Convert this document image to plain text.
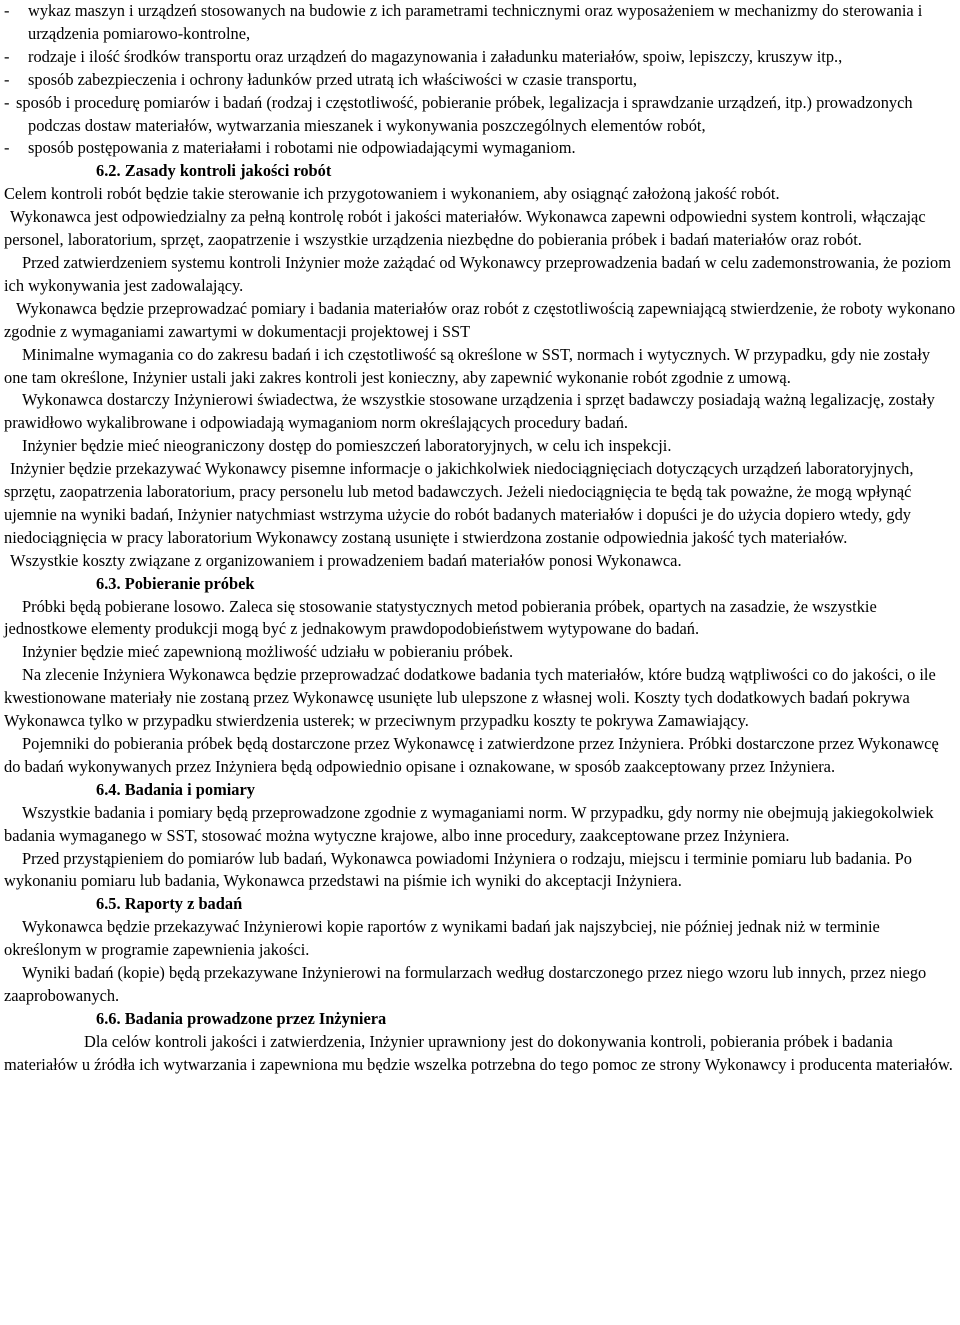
- wykaz maszyn i urządzeń stosowanych na budowie z ich parametrami technicznymi oraz wyposażeniem w mechanizmy do sterowania i urządzenia pomiarowo-kontrolne,

- rodzaje i ilość środków transportu oraz urządzeń do magazynowania i załadunku materiałów, spoiw, lepiszczy, kruszyw itp.,

- sposób zabezpieczenia i ochrony ładunków przed utratą ich właściwości w czasie transportu,

- sposób i procedurę pomiarów i badań (rodzaj i częstotliwość, pobieranie próbek, legalizacja i sprawdzanie urządzeń, itp.) prowadzonych podczas dostaw materiałów, wytwarzania mieszanek i wykonywania poszczególnych elementów robót,

- sposób postępowania z materiałami i robotami nie odpowiadającymi wymaganiom.

6.2. Zasady kontroli jakości robót

Celem kontroli robót będzie takie sterowanie ich przygotowaniem i wykonaniem, aby osiągnąć założoną jakość robót.

Wykonawca jest odpowiedzialny za pełną kontrolę robót i jakości materiałów. Wykonawca zapewni odpowiedni system kontroli, włączając personel, laboratorium, sprzęt, zaopatrzenie i wszystkie urządzenia niezbędne do pobierania próbek i badań materiałów oraz robót.

Przed zatwierdzeniem systemu kontroli Inżynier może zażądać od Wykonawcy przeprowadzenia badań w celu zademonstrowania, że poziom ich wykonywania jest zadowalający.

Wykonawca będzie przeprowadzać pomiary i badania materiałów oraz robót z częstotliwością zapewniającą stwierdzenie, że roboty wykonano zgodnie z wymaganiami zawartymi w dokumentacji projektowej i SST

Minimalne wymagania co do zakresu badań i ich częstotliwość są określone w SST, normach i wytycznych. W przypadku, gdy nie zostały one tam określone, Inżynier ustali jaki zakres kontroli jest konieczny, aby zapewnić wykonanie robót zgodnie z umową.

Wykonawca dostarczy Inżynierowi świadectwa, że wszystkie stosowane urządzenia i sprzęt badawczy posiadają ważną legalizację, zostały prawidłowo wykalibrowane i odpowiadają wymaganiom norm określających procedury badań.

Inżynier będzie mieć nieograniczony dostęp do pomieszczeń laboratoryjnych, w celu ich inspekcji.

Inżynier będzie przekazywać Wykonawcy pisemne informacje o jakichkolwiek niedociągnięciach dotyczących urządzeń laboratoryjnych, sprzętu, zaopatrzenia laboratorium, pracy personelu lub metod badawczych. Jeżeli niedociągnięcia te będą tak poważne, że mogą wpłynąć ujemnie na wyniki badań, Inżynier natychmiast wstrzyma użycie do robót badanych materiałów i dopuści je do użycia dopiero wtedy, gdy niedociągnięcia w pracy laboratorium Wykonawcy zostaną usunięte i stwierdzona zostanie odpowiednia jakość tych materiałów.

Wszystkie koszty związane z organizowaniem i prowadzeniem badań materiałów ponosi Wykonawca.

6.3. Pobieranie próbek

Próbki będą pobierane losowo. Zaleca się stosowanie statystycznych metod pobierania próbek, opartych na zasadzie, że wszystkie jednostkowe elementy produkcji mogą być z jednakowym prawdopodobieństwem wytypowane do badań.

Inżynier będzie mieć zapewnioną możliwość udziału w pobieraniu próbek.

Na zlecenie Inżyniera Wykonawca będzie przeprowadzać dodatkowe badania tych materiałów, które budzą wątpliwości co do jakości, o ile kwestionowane materiały nie zostaną przez Wykonawcę usunięte lub ulepszone z własnej woli. Koszty tych dodatkowych badań pokrywa Wykonawca tylko w przypadku stwierdzenia usterek; w przeciwnym przypadku koszty te pokrywa Zamawiający.

Pojemniki do pobierania próbek będą dostarczone przez Wykonawcę i zatwierdzone przez Inżyniera. Próbki dostarczone przez Wykonawcę do badań wykonywanych przez Inżyniera będą odpowiednio opisane i oznakowane, w sposób zaakceptowany przez Inżyniera.

6.4. Badania i pomiary

Wszystkie badania i pomiary będą przeprowadzone zgodnie z wymaganiami norm. W przypadku, gdy normy nie obejmują jakiegokolwiek badania wymaganego w SST, stosować można wytyczne krajowe, albo inne procedury, zaakceptowane przez Inżyniera.

Przed przystąpieniem do pomiarów lub badań, Wykonawca powiadomi Inżyniera o rodzaju, miejscu i terminie pomiaru lub badania. Po wykonaniu pomiaru lub badania, Wykonawca przedstawi na piśmie ich wyniki do akceptacji Inżyniera.

6.5. Raporty z badań

Wykonawca będzie przekazywać Inżynierowi kopie raportów z wynikami badań jak najszybciej, nie później jednak niż w terminie określonym w programie zapewnienia jakości.

Wyniki badań (kopie) będą przekazywane Inżynierowi na formularzach według dostarczonego przez niego wzoru lub innych, przez niego zaaprobowanych.

6.6. Badania prowadzone przez Inżyniera

Dla celów kontroli jakości i zatwierdzenia, Inżynier uprawniony jest do dokonywania kontroli, pobierania próbek i badania materiałów u źródła ich wytwarzania i zapewniona mu będzie wszelka potrzebna do tego pomoc ze strony Wykonawcy i producenta materiałów.
